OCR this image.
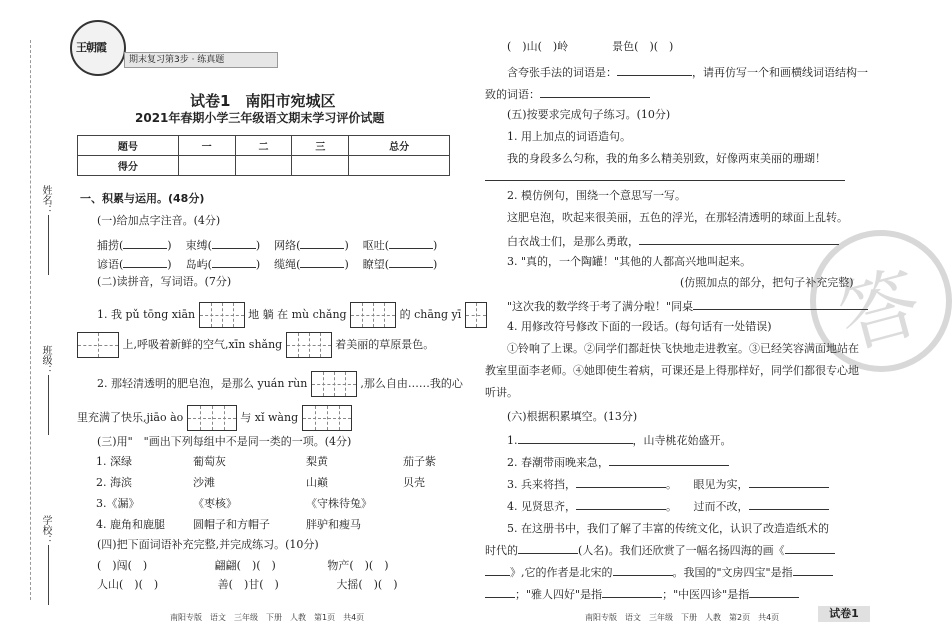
姓名：
班级：
学校：
王朝霞
期末复习第3步 · 练真题
试卷1　南阳市宛城区
2021年春期小学三年级语文期末学习评价试题
题号	一	二	三	总分
得分				
一、积累与运用。(48分)
(一)给加点字注音。(4分)
捕捞(	)    束缚(	)    网络(	)    呕吐(	)
谚语(	)    岛屿(	)    缆绳(	)    瞭望(	)
(二)读拼音，写词语。(7分)
1. 我 pǔ tōng xiān	地 躺 在 mù chǎng	的 chāng yī
上,呼吸着新鲜的空气,xīn shǎng	着美丽的草原景色。
2. 那轻清透明的肥皂泡，是那么 yuán rùn	,那么自由……我的心
里充满了快乐,jiāo ào	与 xǐ wàng
(三)用"　"画出下列每组中不是同一类的一项。(4分)
1. 深绿	葡萄灰	梨黄	茄子紫
2. 海滨	沙滩	山巅	贝壳
3.《漏》	《枣核》	《守株待兔》
4. 鹿角和鹿腿	圆帽子和方帽子	胖驴和瘦马
(四)把下面词语补充完整,并完成练习。(10分)
(　)闯(　)	翩翩(　)(　)	物产(　)(　)
人山(　)(　)	善(　)甘(　)	大摇(　)(　)
南阳专版　语文　三年级　下册　人教　第1页　共4页
答
(　)山(　)岭　　　　景色(　)(　)
含夸张手法的词语是：	，请再仿写一个和画横线词语结构一
致的词语：
(五)按要求完成句子练习。(10分)
1. 用上加点的词语造句。
我的身段多么匀称，我的角多么精美别致，好像两束美丽的珊瑚！
2. 模仿例句，围绕一个意思写一写。
这肥皂泡，吹起来很美丽，五色的浮光，在那轻清透明的球面上乱转。
白衣战士们，是那么勇敢，
3. "真的，一个陶罐！"其他的人都高兴地叫起来。
(仿照加点的部分，把句子补充完整)
"这次我的数学终于考了满分啦！"同桌
4. 用修改符号修改下面的一段话。(每句话有一处错误)
①铃响了上课。②同学们都赶快飞快地走进教室。③已经笑容满面地站在
教室里面李老师。④她即使生着病，可课还是上得那样好，同学们都很专心地
听讲。
(六)根据积累填空。(13分)
1.	，山寺桃花始盛开。
2. 春潮带雨晚来急，
3. 兵来将挡，	。　　眼见为实，
4. 见贤思齐，	。　　过而不改，
5. 在这册书中，我们了解了丰富的传统文化，认识了改造造纸术的
时代的	(人名)。我们还欣赏了一幅名扬四海的画《
》,它的作者是北宋的	。我国的"文房四宝"是指
；"雅人四好"是指	；"中医四诊"是指
南阳专版　语文　三年级　下册　人教　第2页　共4页	试卷1
